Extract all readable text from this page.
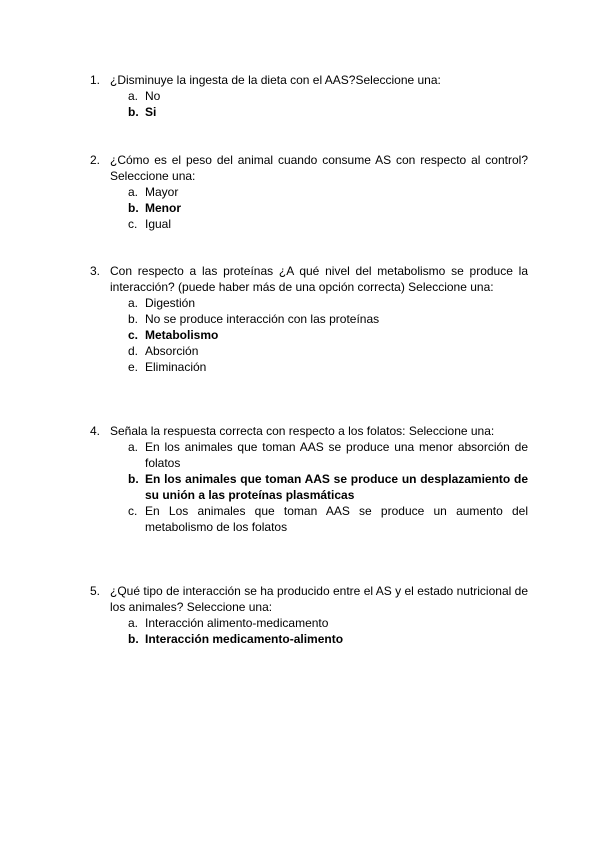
1. ¿Disminuye la ingesta de la dieta con el AAS?Seleccione una:
a. No
b. Si
2. ¿Cómo es el peso del animal cuando consume AS con respecto al control? Seleccione una:
a. Mayor
b. Menor
c. Igual
3. Con respecto a las proteínas ¿A qué nivel del metabolismo se produce la interacción? (puede haber más de una opción correcta) Seleccione una:
a. Digestión
b. No se produce interacción con las proteínas
c. Metabolismo
d. Absorción
e. Eliminación
4. Señala la respuesta correcta con respecto a los folatos: Seleccione una:
a. En los animales que toman AAS se produce una menor absorción de folatos
b. En los animales que toman AAS se produce un desplazamiento de su unión a las proteínas plasmáticas
c. En Los animales que toman AAS se produce un aumento del metabolismo de los folatos
5. ¿Qué tipo de interacción se ha producido entre el AS y el estado nutricional de los animales? Seleccione una:
a. Interacción alimento-medicamento
b. Interacción medicamento-alimento
